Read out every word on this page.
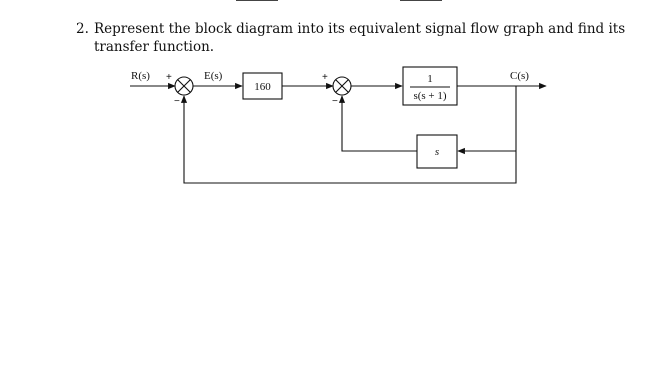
2. Represent the block diagram into its equivalent signal flow graph and find its
transfer function.
R(s) +
−
E(s)
160
+
−
1
s(s + 1)
C(s)
s
